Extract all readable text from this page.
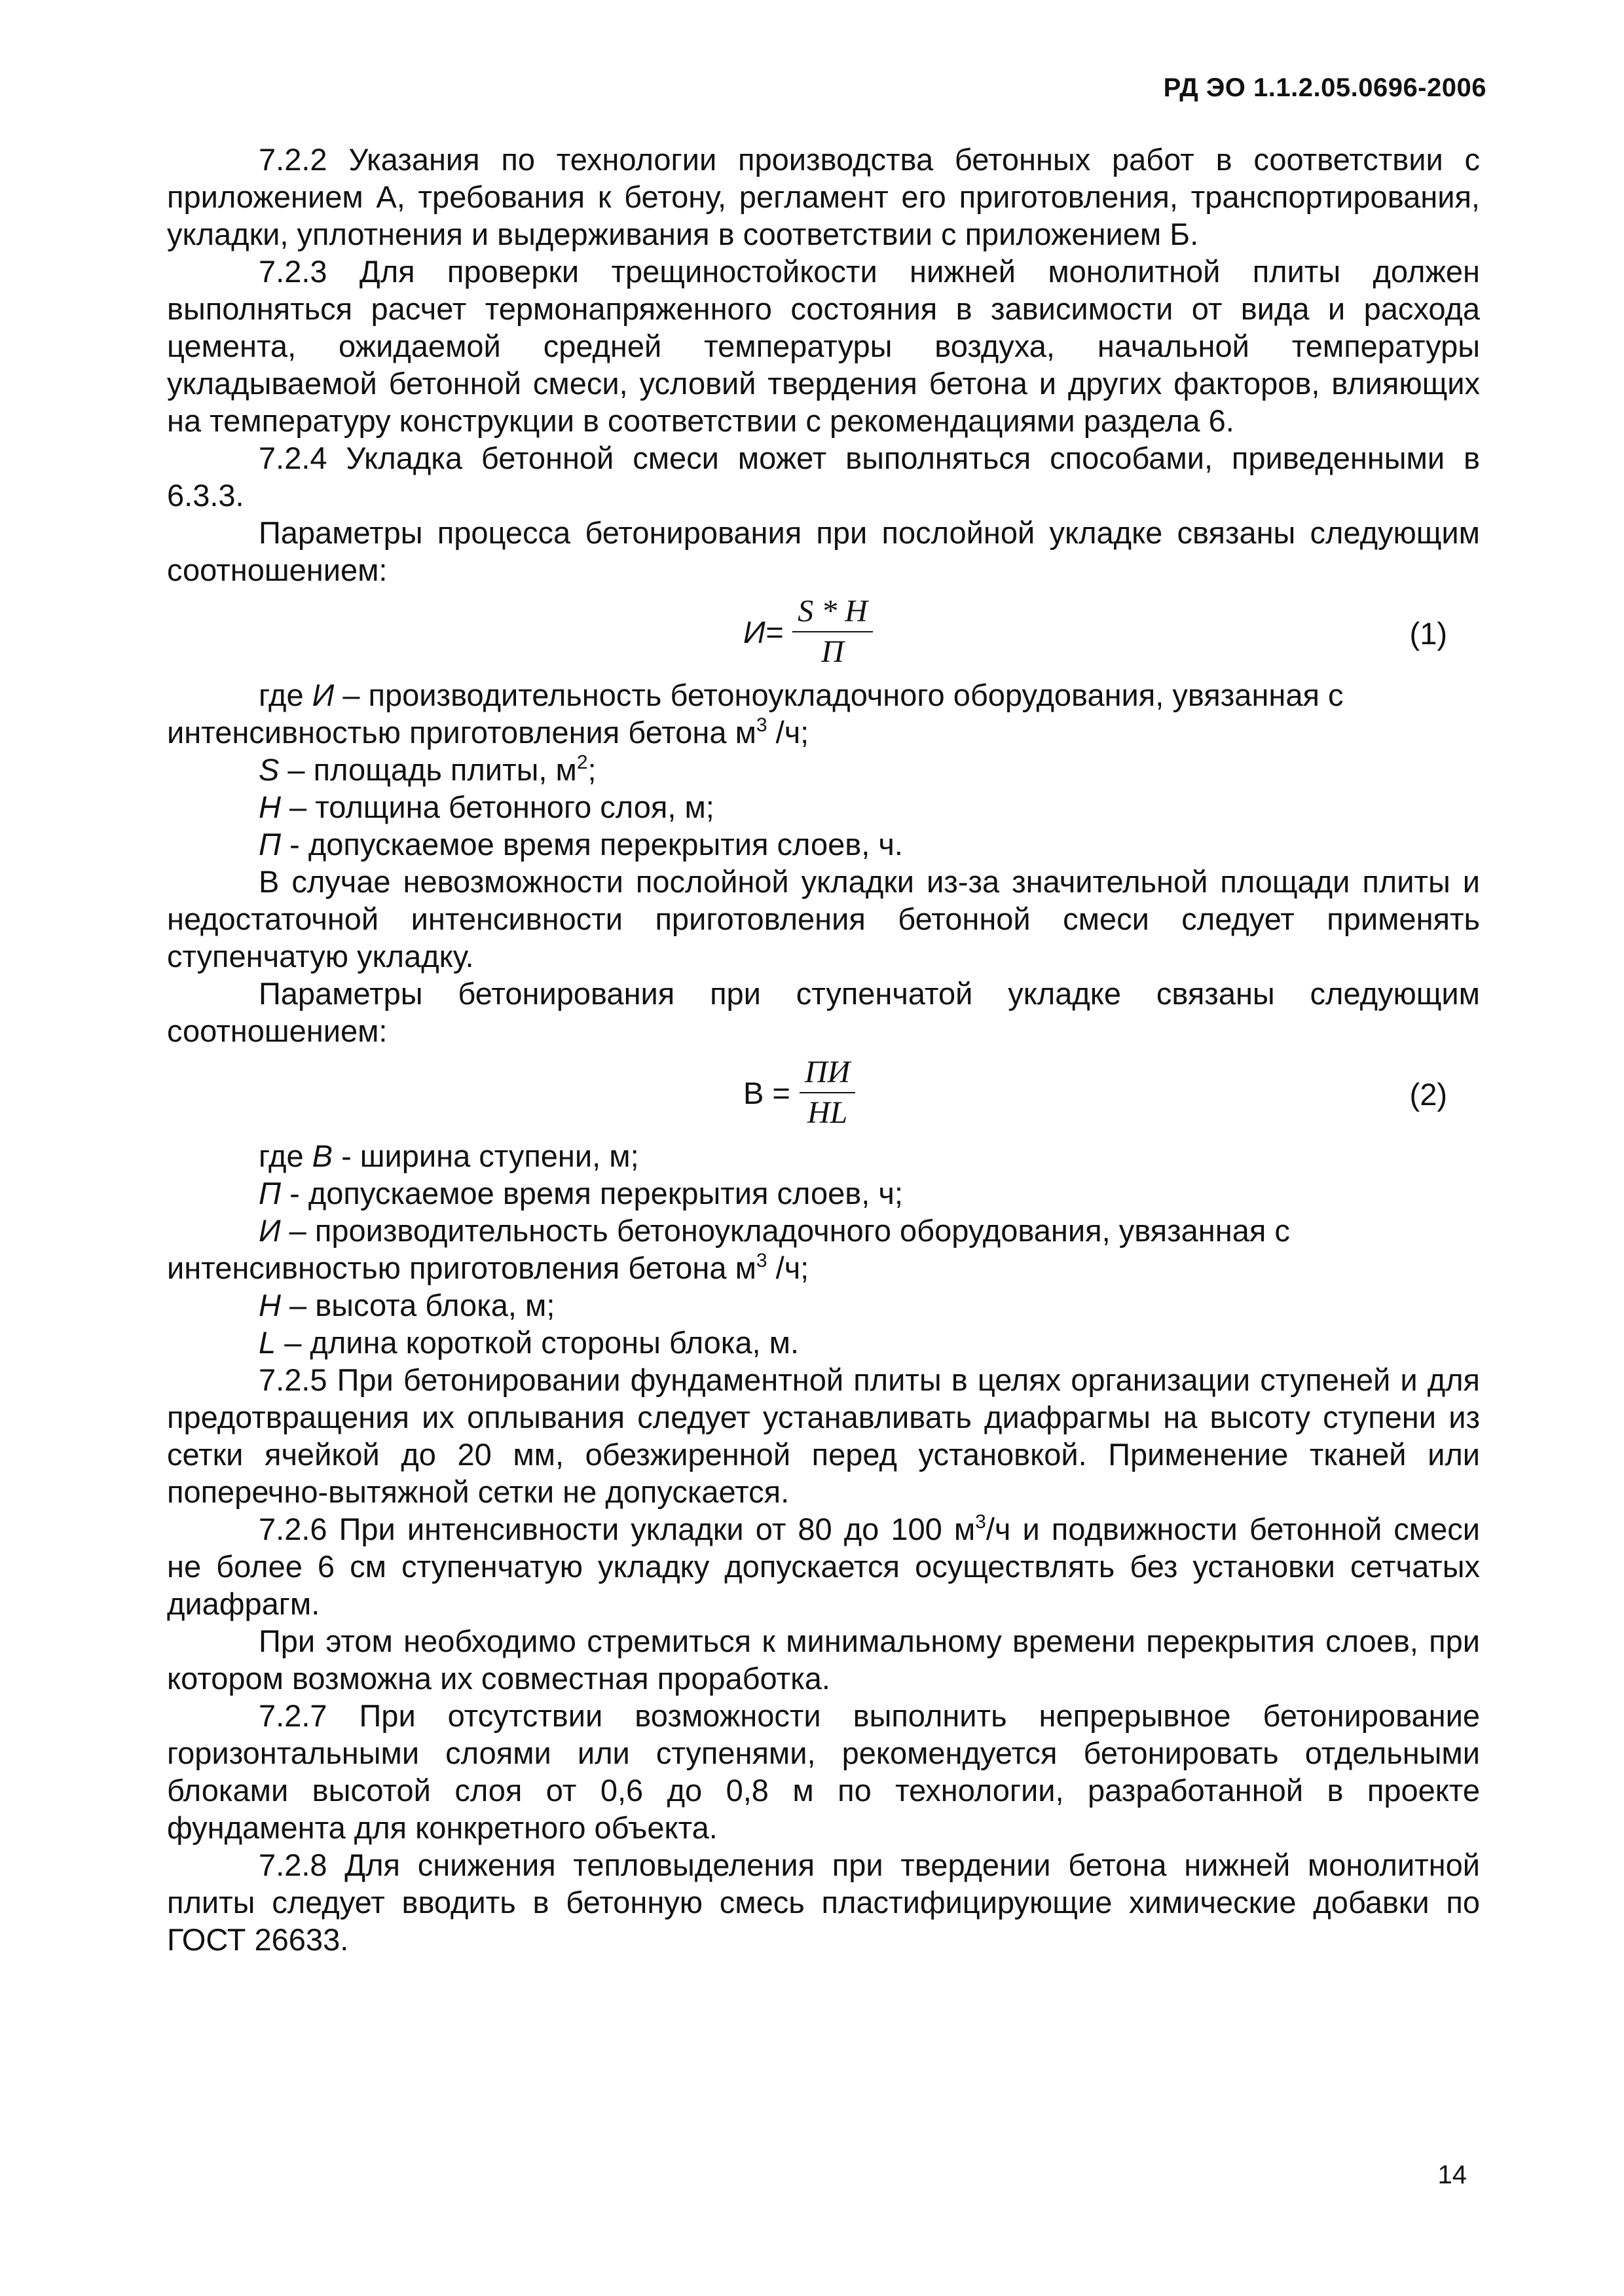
РД ЭО 1.1.2.05.0696-2006

7.2.2 Указания по технологии производства бетонных работ в соответствии с приложением А, требования к бетону, регламент его приготовления, транспортирования, укладки, уплотнения и выдерживания в соответствии с приложением Б.

7.2.3 Для проверки трещиностойкости нижней монолитной плиты должен выполняться расчет термонапряженного состояния в зависимости от вида и расхода цемента, ожидаемой средней температуры воздуха, начальной температуры укладываемой бетонной смеси, условий твердения бетона и других факторов, влияющих на температуру конструкции в соответствии с рекомендациями раздела 6.

7.2.4 Укладка бетонной смеси может выполняться способами, приведенными в 6.3.3.

Параметры процесса бетонирования при послойной укладке связаны следующим соотношением:

$И= \frac{S * H}{П}$	(1)

где И – производительность бетоноукладочного оборудования, увязанная с интенсивностью приготовления бетона $м^3$ /ч;

S – площадь плиты, $м^2$;

Н – толщина бетонного слоя, м;

П - допускаемое время перекрытия слоев, ч.

В случае невозможности послойной укладки из-за значительной площади плиты и недостаточной интенсивности приготовления бетонной смеси следует применять ступенчатую укладку.

Параметры бетонирования при ступенчатой укладке связаны следующим соотношением:

$В = \frac{ПИ}{HL}$	(2)

где В - ширина ступени, м;

П - допускаемое время перекрытия слоев, ч;

И – производительность бетоноукладочного оборудования, увязанная с интенсивностью приготовления бетона $м^3$ /ч;

Н – высота блока, м;

L – длина короткой стороны блока, м.

7.2.5 При бетонировании фундаментной плиты в целях организации ступеней и для предотвращения их оплывания следует устанавливать диафрагмы на высоту ступени из сетки ячейкой до 20 мм, обезжиренной перед установкой. Применение тканей или поперечно-вытяжной сетки не допускается.

7.2.6 При интенсивности укладки от 80 до 100 $м^3/ч$ и подвижности бетонной смеси не более 6 см ступенчатую укладку допускается осуществлять без установки сетчатых диафрагм.

При этом необходимо стремиться к минимальному времени перекрытия слоев, при котором возможна их совместная проработка.

7.2.7 При отсутствии возможности выполнить непрерывное бетонирование горизонтальными слоями или ступенями, рекомендуется бетонировать отдельными блоками высотой слоя от 0,6 до 0,8 м по технологии, разработанной в проекте фундамента для конкретного объекта.

7.2.8 Для снижения тепловыделения при твердении бетона нижней монолитной плиты следует вводить в бетонную смесь пластифицирующие химические добавки по ГОСТ 26633.

14
